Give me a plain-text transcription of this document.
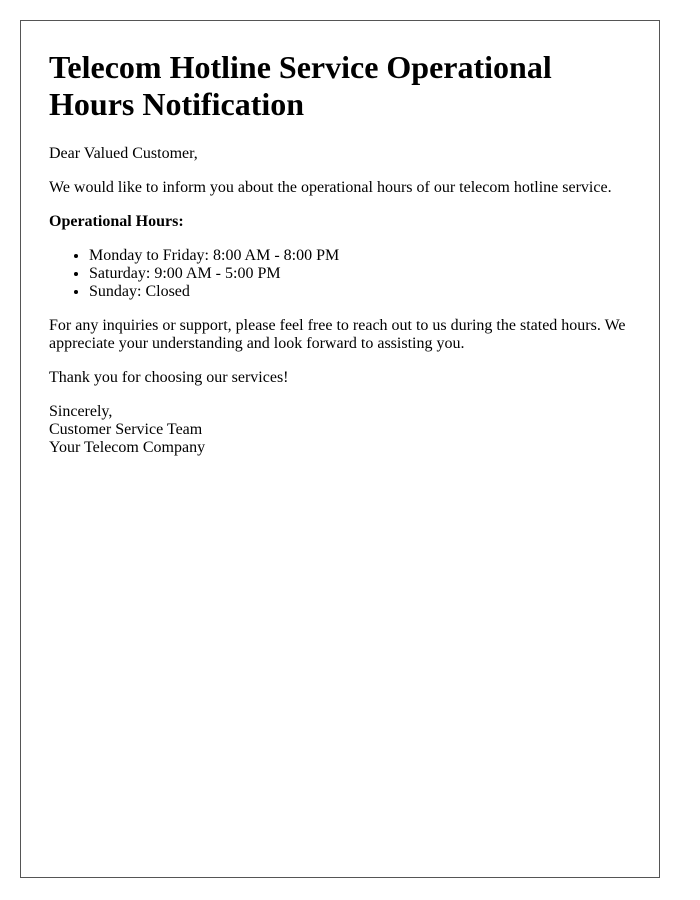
Telecom Hotline Service Operational Hours Notification

Dear Valued Customer,

We would like to inform you about the operational hours of our telecom hotline service.

Operational Hours:

• Monday to Friday: 8:00 AM - 8:00 PM
• Saturday: 9:00 AM - 5:00 PM
• Sunday: Closed

For any inquiries or support, please feel free to reach out to us during the stated hours. We appreciate your understanding and look forward to assisting you.

Thank you for choosing our services!

Sincerely,
Customer Service Team
Your Telecom Company
